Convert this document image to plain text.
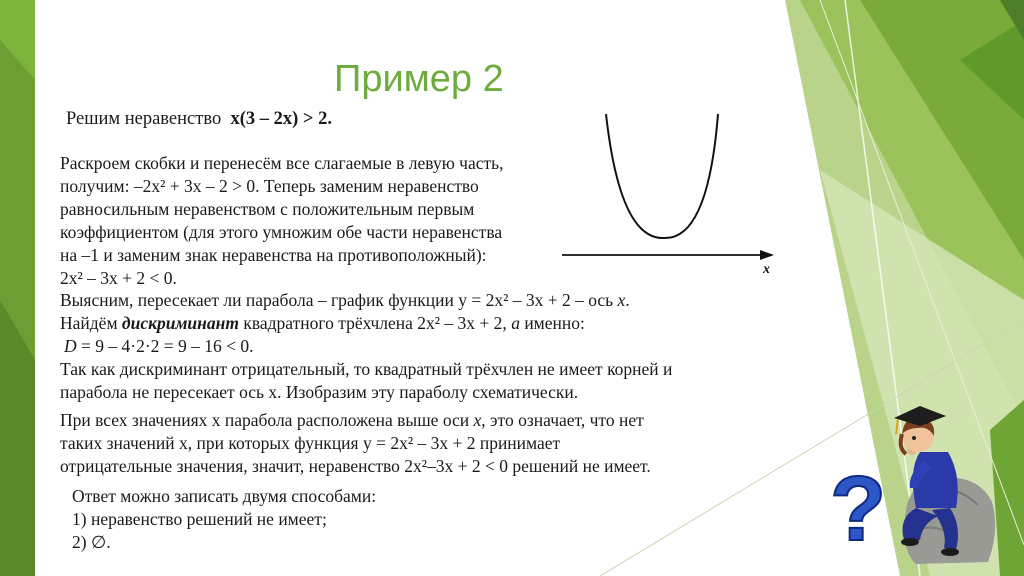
Пример 2
Решим неравенство x(3 – 2x) > 2.
Раскроем скобки и перенесём все слагаемые в левую часть,
получим: –2x² + 3x – 2 > 0. Теперь заменим неравенство
равносильным неравенством с положительным первым
коэффициентом (для этого умножим обе части неравенства
на –1 и заменим знак неравенства на противоположный):
2x² – 3x + 2 < 0.	x
Выясним, пересекает ли парабола – график функции y = 2x² – 3x + 2 – ось x.
Найдём дискриминант квадратного трёхчлена 2x² – 3x + 2, a именно:
D = 9 – 4·2·2 = 9 – 16 < 0.
Так как дискриминант отрицательный, то квадратный трёхчлен не имеет корней и
парабола не пересекает ось x. Изобразим эту параболу схематически.
При всех значениях x парабола расположена выше оси x, это означает, что нет
таких значений x, при которых функция y = 2x² – 3x + 2 принимает
отрицательные значения, значит, неравенство 2x²–3x + 2 < 0 решений не имеет.
Ответ можно записать двумя способами:
1) неравенство решений не имеет;
2) ∅.	?
